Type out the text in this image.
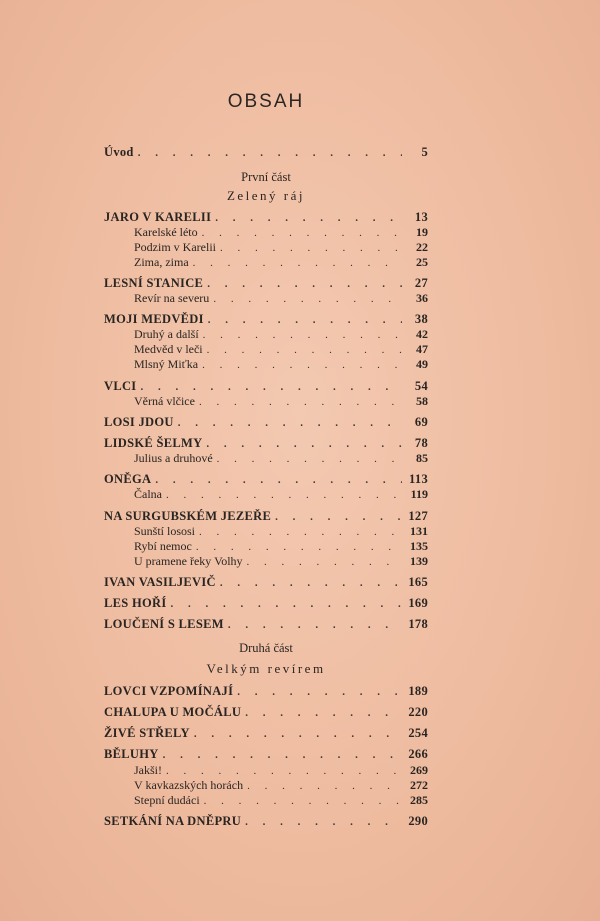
OBSAH
Úvod . . .	5
První část
Zelený ráj
JARO V KARELII . . .	13
Karelské léto . . .	19
Podzim v Karelii . . .	22
Zima, zima . . .	25
LESNÍ STANICE . . .	27
Revír na severu . . .	36
MOJI MEDVĚDI . . .	38
Druhý a další . . .	42
Medvěd v leči . . .	47
Mlsný Miťka . . .	49
VLCI . . .	54
Věrná vlčice . . .	58
LOSI JDOU . . .	69
LIDSKÉ ŠELMY . . .	78
Julius a druhové . . .	85
ONĚGA . . .	113
Čalna . . .	119
NA SURGUBSKÉM JEZEŘE . . .	127
Sunští lososi . . .	131
Rybí nemoc . . .	135
U pramene řeky Volhy . . .	139
IVAN VASILJEVIČ . . .	165
LES HOŘÍ . . .	169
LOUČENÍ S LESEM . . .	178
Druhá část
Velkým revírem
LOVCI VZPOMÍNAJÍ . . .	189
CHALUPA U MOČÁLU . . .	220
ŽIVÉ STŘELY . . .	254
BĚLUHY . . .	266
Jakši! . . .	269
V kavkazských horách . . .	272
Stepní dudáci . . .	285
SETKÁNÍ NA DNĚPRU . . .	290
